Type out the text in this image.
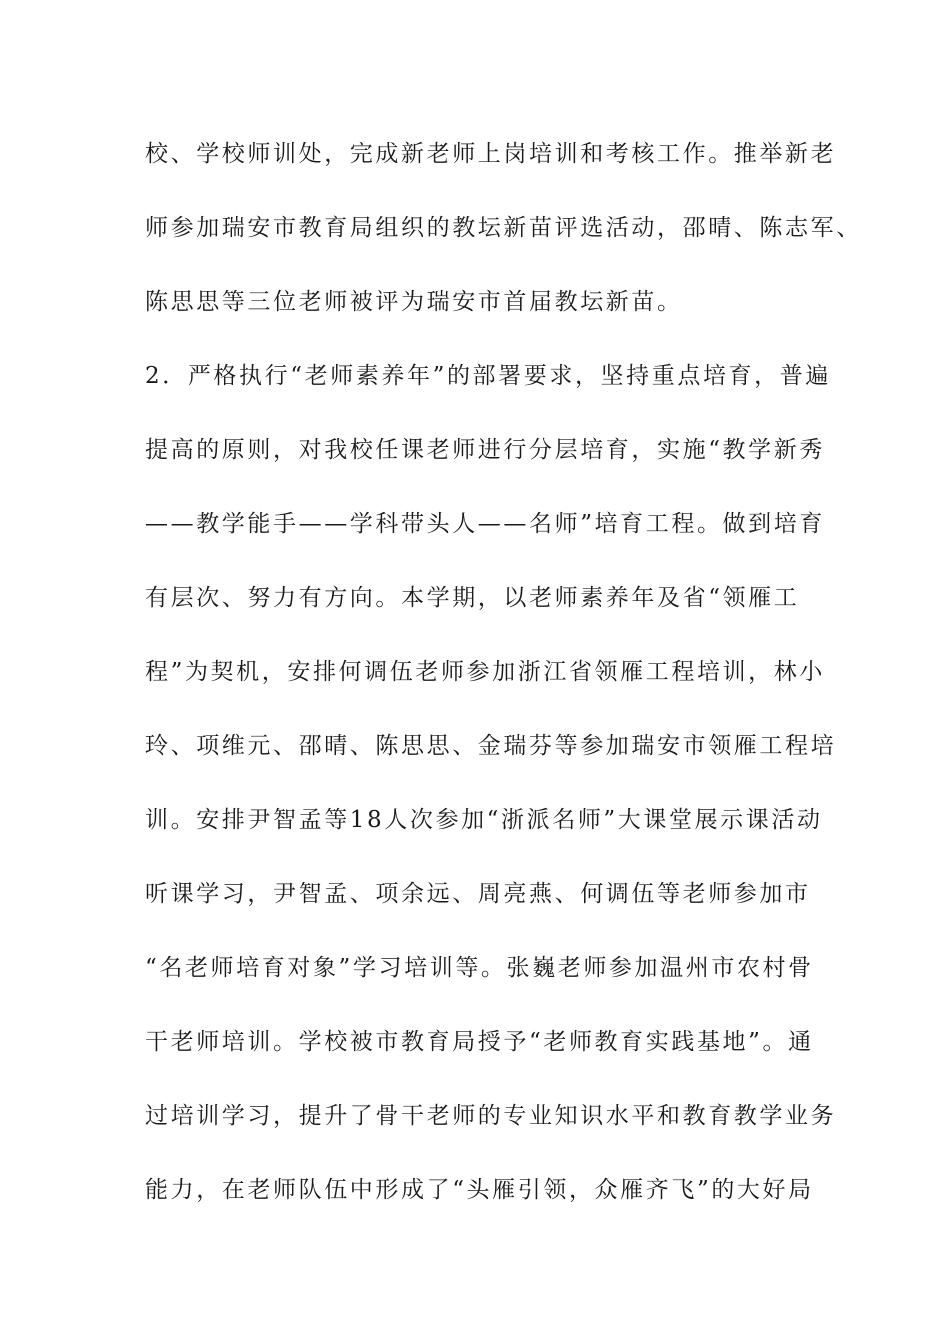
校、学校师训处，完成新老师上岗培训和考核工作。推举新老
师参加瑞安市教育局组织的教坛新苗评选活动，邵晴、陈志军、
陈思思等三位老师被评为瑞安市首届教坛新苗。
2．严格执行“老师素养年”的部署要求，坚持重点培育，普遍
提高的原则，对我校任课老师进行分层培育，实施“教学新秀
——教学能手——学科带头人——名师”培育工程。做到培育
有层次、努力有方向。本学期，以老师素养年及省“领雁工
程”为契机，安排何调伍老师参加浙江省领雁工程培训，林小
玲、项维元、邵晴、陈思思、金瑞芬等参加瑞安市领雁工程培
训。安排尹智孟等18人次参加“浙派名师”大课堂展示课活动
听课学习，尹智孟、项余远、周亮燕、何调伍等老师参加市
“名老师培育对象”学习培训等。张巍老师参加温州市农村骨
干老师培训。学校被市教育局授予“老师教育实践基地”。通
过培训学习，提升了骨干老师的专业知识水平和教育教学业务
能力，在老师队伍中形成了“头雁引领，众雁齐飞”的大好局
